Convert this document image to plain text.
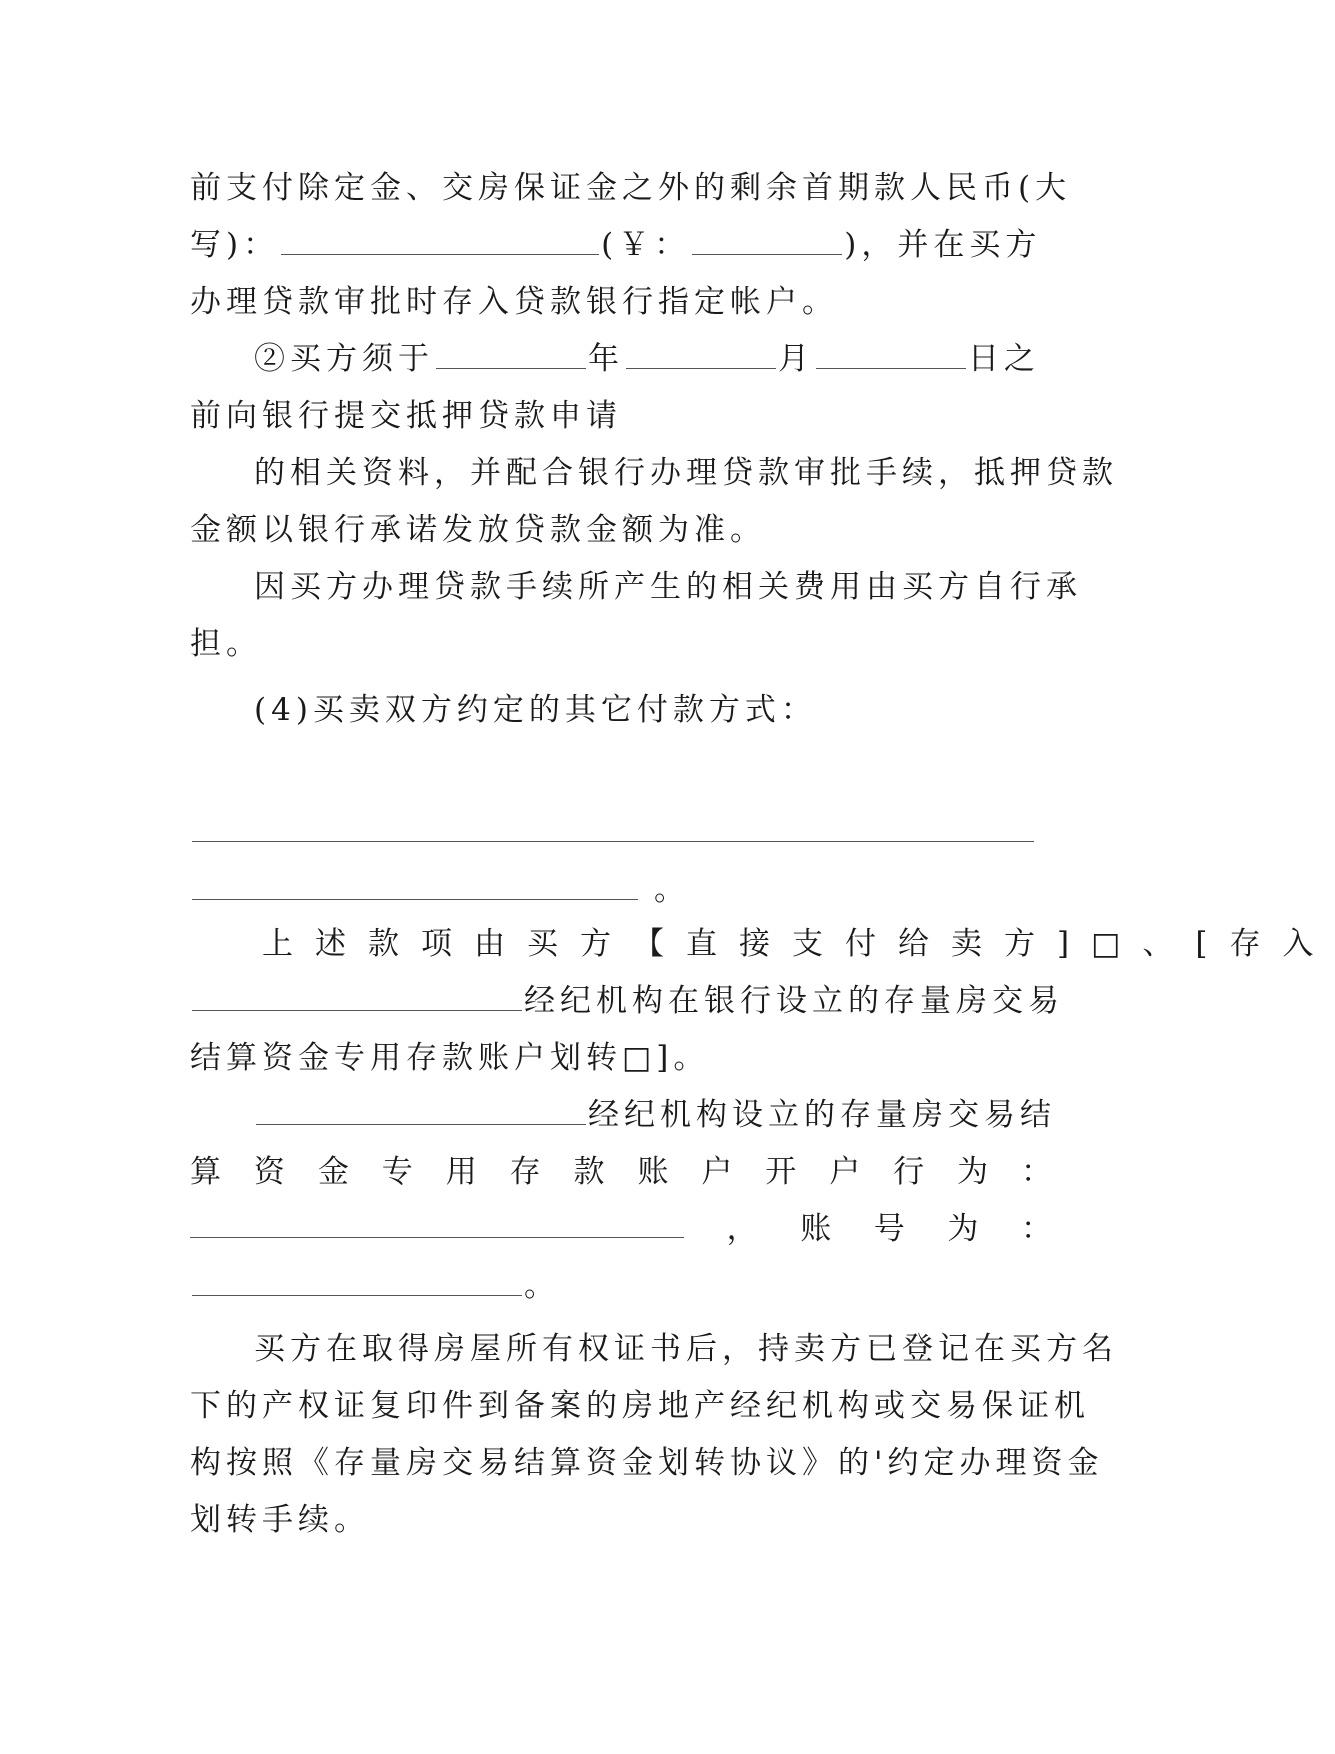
前支付除定金、交房保证金之外的剩余首期款人民币(大
写)：	(￥：	)，并在买方
办理贷款审批时存入贷款银行指定帐户。
②买方须于	年	月	日之
前向银行提交抵押贷款申请
的相关资料，并配合银行办理贷款审批手续，抵押贷款
金额以银行承诺发放贷款金额为准。
因买方办理贷款手续所产生的相关费用由买方自行承
担。
(4)买卖双方约定的其它付款方式：
。
上述款项由买方【直接支付给卖方]□、[存入
经纪机构在银行设立的存量房交易
结算资金专用存款账户划转□]。
经纪机构设立的存量房交易结
算 资 金 专 用 存 款 账 户 开 户 行 为 ：
， 账 号 为 ：
。
买方在取得房屋所有权证书后，持卖方已登记在买方名
下的产权证复印件到备案的房地产经纪机构或交易保证机
构按照《存量房交易结算资金划转协议》的'约定办理资金
划转手续。
